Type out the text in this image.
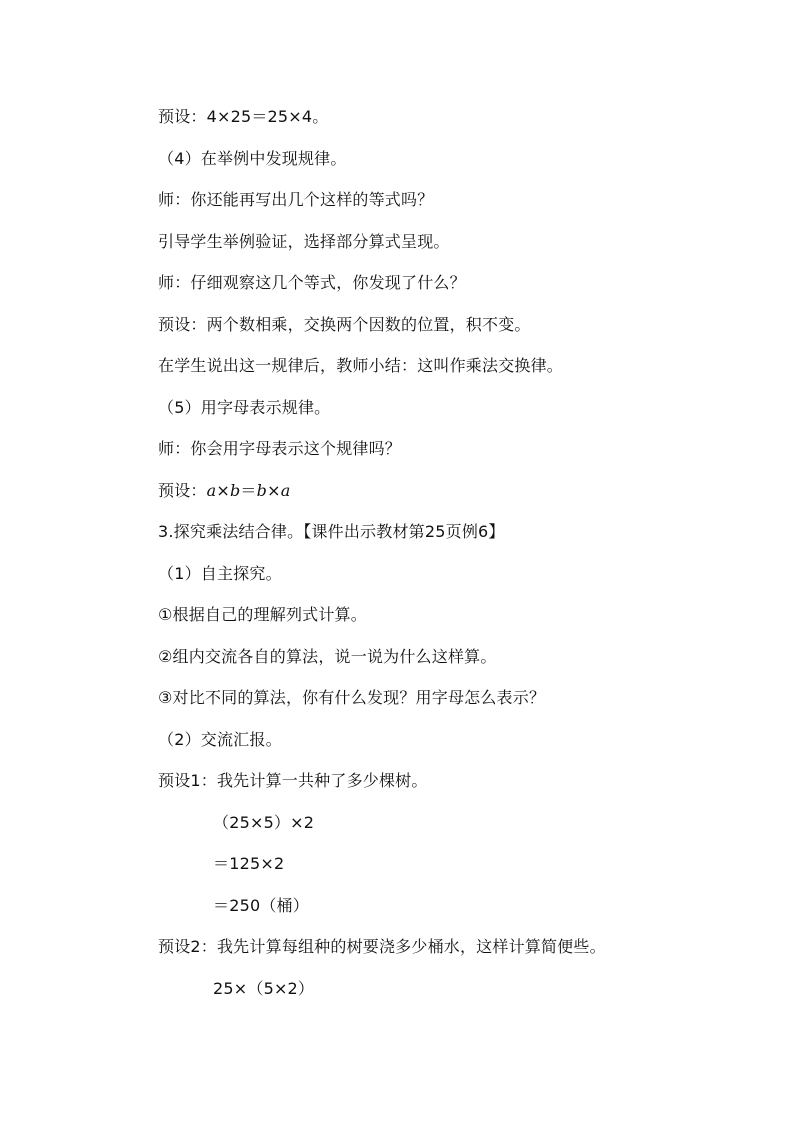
预设：4×25＝25×4。
（4）在举例中发现规律。
师：你还能再写出几个这样的等式吗？
引导学生举例验证，选择部分算式呈现。
师：仔细观察这几个等式，你发现了什么？
预设：两个数相乘，交换两个因数的位置，积不变。
在学生说出这一规律后，教师小结：这叫作乘法交换律。
（5）用字母表示规律。
师：你会用字母表示这个规律吗？
预设：a×b＝b×a
3.探究乘法结合律。【课件出示教材第25页例6】
（1）自主探究。
①根据自己的理解列式计算。
②组内交流各自的算法，说一说为什么这样算。
③对比不同的算法，你有什么发现？用字母怎么表示？
（2）交流汇报。
预设1：我先计算一共种了多少棵树。
（25×5）×2
＝125×2
＝250（桶）
预设2：我先计算每组种的树要浇多少桶水，这样计算简便些。
25×（5×2）
